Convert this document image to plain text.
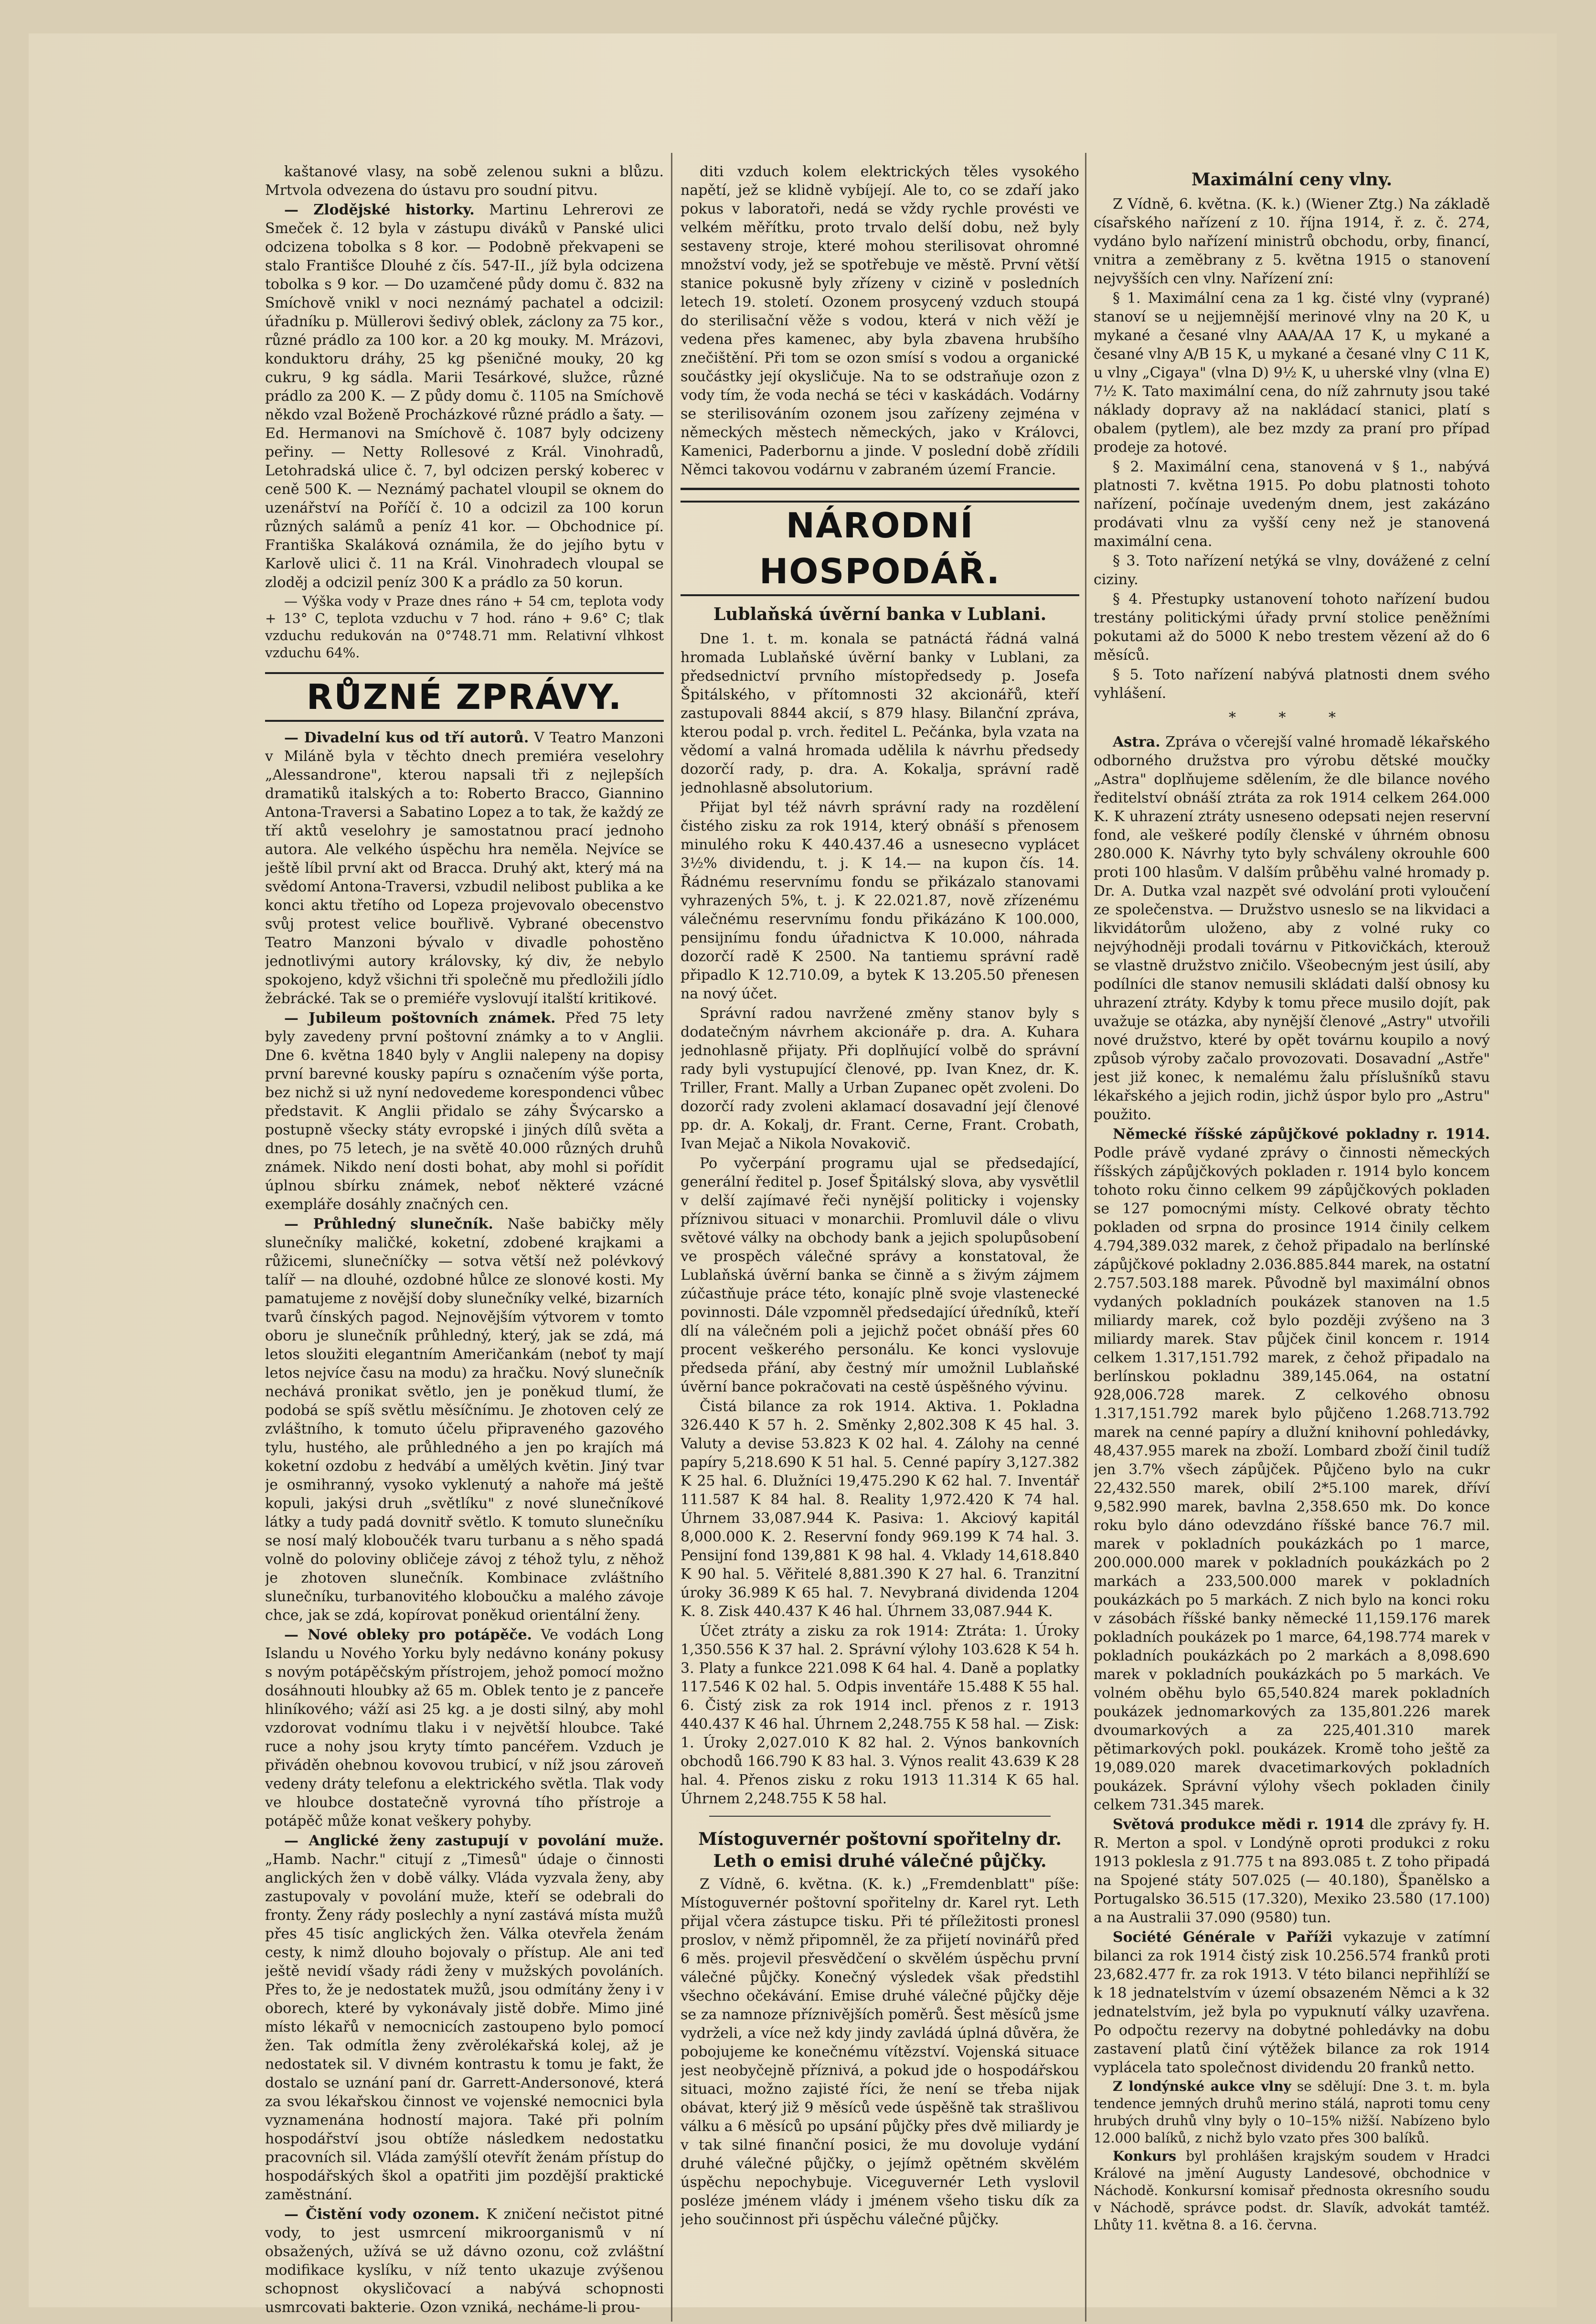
kaštanové vlasy, na sobě zelenou sukni a blůzu. Mrtvola odvezena do ústavu pro soudní pitvu.

— Zlodějské historky. Martinu Lehrerovi ze Smeček č. 12 byla v zástupu diváků v Panské ulici odcizena tobolka s 8 kor. — Podobně překvapeni se stalo Františce Dlouhé z čís. 547-II., jíž byla odcizena tobolka s 9 kor. — Do uzamčené půdy domu č. 832 na Smíchově vnikl v noci neznámý pachatel a odcizil: úřadníku p. Müllerovi šedivý oblek, záclony za 75 kor., různé prádlo za 100 kor. a 20 kg mouky. M. Mrázovi, konduktoru dráhy, 25 kg pšeničné mouky, 20 kg cukru, 9 kg sádla. Marii Tesárkové, služce, různé prádlo za 200 K. — Z půdy domu č. 1105 na Smíchově někdo vzal Boženě Procházkové různé prádlo a šaty. — Ed. Hermanovi na Smíchově č. 1087 byly odcizeny peřiny. — Netty Rollesové z Král. Vinohradů, Letohradská ulice č. 7, byl odcizen perský koberec v ceně 500 K. — Neznámý pachatel vloupil se oknem do uzenářství na Poříčí č. 10 a odcizil za 100 korun různých salámů a peníz 41 kor. — Obchodnice pí. Františka Skaláková oznámila, že do jejího bytu v Karlově ulici č. 11 na Král. Vinohradech vloupal se zloděj a odcizil peníz 300 K a prádlo za 50 korun.

— Výška vody v Praze dnes ráno + 54 cm, teplota vody + 13° C, teplota vzduchu v 7 hod. ráno + 9.6° C; tlak vzduchu redukován na 0°748.71 mm. Relativní vlhkost vzduchu 64%.

RŮZNÉ ZPRÁVY.

— Divadelní kus od tří autorů. V Teatro Manzoni v Miláně byla v těchto dnech premiéra veselohry „Alessandrone", kterou napsali tři z nejlepších dramatiků italských a to: Roberto Bracco, Giannino Antona-Traversi a Sabatino Lopez a to tak, že každý ze tří aktů veselohry je samostatnou prací jednoho autora. Ale velkého úspěchu hra neměla. Nejvíce se ještě líbil první akt od Bracca. Druhý akt, který má na svědomí Antona-Traversi, vzbudil nelibost publika a ke konci aktu třetího od Lopeza projevovalo obecenstvo svůj protest velice bouřlivě. Vybrané obecenstvo Teatro Manzoni bývalo v divadle pohostěno jednotlivými autory královsky, ký div, že nebylo spokojeno, když všichni tři společně mu předložili jídlo žebrácké. Tak se o premiéře vyslovují italští kritikové.

— Jubileum poštovních známek. Před 75 lety byly zavedeny první poštovní známky a to v Anglii. Dne 6. května 1840 byly v Anglii nalepeny na dopisy první barevné kousky papíru s označením výše porta, bez nichž si už nyní nedovedeme korespondenci vůbec představit. K Anglii přidalo se záhy Švýcarsko a postupně všecky státy evropské i jiných dílů světa a dnes, po 75 letech, je na světě 40.000 různých druhů známek. Nikdo není dosti bohat, aby mohl si pořídit úplnou sbírku známek, neboť některé vzácné exempláře dosáhly značných cen.

— Průhledný slunečník. Naše babičky měly slunečníky maličké, koketní, zdobené krajkami a růžicemi, slunečníčky — sotva větší než polévkový talíř — na dlouhé, ozdobné hůlce ze slonové kosti. My pamatujeme z novější doby slunečníky velké, bizarních tvarů čínských pagod. Nejnovějším výtvorem v tomto oboru je slunečník průhledný, který, jak se zdá, má letos sloužiti elegantním Američankám (neboť ty mají letos nejvíce času na modu) za hračku. Nový slunečník nechává pronikat světlo, jen je poněkud tlumí, že podobá se spíš světlu měsíčnímu. Je zhotoven celý ze zvláštního, k tomuto účelu připraveného gazového tylu, hustého, ale průhledného a jen po krajích má koketní ozdobu z hedvábí a umělých květin. Jiný tvar je osmihranný, vysoko vyklenutý a nahoře má ještě kopuli, jakýsi druh „světlíku" z nové slunečníkové látky a tudy padá dovnitř světlo. K tomuto slunečníku se nosí malý kloboučék tvaru turbanu a s něho spadá volně do poloviny obličeje závoj z téhož tylu, z něhož je zhotoven slunečník. Kombinace zvláštního slunečníku, turbanovitého kloboučku a malého závoje chce, jak se zdá, kopírovat poněkud orientální ženy.

— Nové obleky pro potápěče. Ve vodách Long Islandu u Nového Yorku byly nedávno konány pokusy s novým potápěčským přístrojem, jehož pomocí možno dosáhnouti hloubky až 65 m. Oblek tento je z panceře hliníkového; váží asi 25 kg. a je dosti silný, aby mohl vzdorovat vodnímu tlaku i v největší hloubce. Také ruce a nohy jsou kryty tímto pancéřem. Vzduch je přiváděn ohebnou kovovou trubicí, v níž jsou zároveň vedeny dráty telefonu a elektrického světla. Tlak vody ve hloubce dostatečně vyrovná tího přístroje a potápěč může konat veškery pohyby.

— Anglické ženy zastupují v povolání muže. „Hamb. Nachr." citují z „Timesů" údaje o činnosti anglických žen v době války. Vláda vyzvala ženy, aby zastupovaly v povolání muže, kteří se odebrali do fronty. Ženy rády poslechly a nyní zastává místa mužů přes 45 tisíc anglických žen. Válka otevřela ženám cesty, k nimž dlouho bojovaly o přístup. Ale ani teď ještě nevidí všady rádi ženy v mužských povoláních. Přes to, že je nedostatek mužů, jsou odmítány ženy i v oborech, které by vykonávaly jistě dobře. Mimo jiné místo lékařů v nemocnicích zastoupeno bylo pomocí žen. Tak odmítla ženy zvěrolékařská kolej, až je nedostatek sil. V divném kontrastu k tomu je fakt, že dostalo se uznání paní dr. Garrett-Andersonové, která za svou lékařskou činnost ve vojenské nemocnici byla vyznamenána hodností majora. Také při polním hospodářství jsou obtíže následkem nedostatku pracovních sil. Vláda zamýšlí otevřít ženám přístup do hospodářských škol a opatřiti jim pozdější praktické zaměstnání.

— Čistění vody ozonem. K zničení nečistot pitné vody, to jest usmrcení mikroorganismů v ní obsažených, užívá se už dávno ozonu, což zvláštní modifikace kyslíku, v níž tento ukazuje zvýšenou schopnost okysličovací a nabývá schopnosti usmrcovati bakterie. Ozon vzniká, necháme-li prou-

diti vzduch kolem elektrických těles vysokého napětí, jež se klidně vybíjejí. Ale to, co se zdaří jako pokus v laboratoři, nedá se vždy rychle provésti ve velkém měřítku, proto trvalo delší dobu, než byly sestaveny stroje, které mohou sterilisovat ohromné množství vody, jež se spotřebuje ve městě. První větší stanice pokusně byly zřízeny v cizině v posledních letech 19. století. Ozonem prosycený vzduch stoupá do sterilisační věže s vodou, která v nich věží je vedena přes kamenec, aby byla zbavena hrubšího znečištění. Při tom se ozon smísí s vodou a organické součástky její okysličuje. Na to se odstraňuje ozon z vody tím, že voda nechá se téci v kaskádách. Vodárny se sterilisováním ozonem jsou zařízeny zejména v německých městech německých, jako v Královci, Kamenici, Paderbornu a jinde. V poslední době zřídili Němci takovou vodárnu v zabraném území Francie.

NÁRODNÍ HOSPODÁŘ.
Lublaňská úvěrní banka v Lublani.

Dne 1. t. m. konala se patnáctá řádná valná hromada Lublaňské úvěrní banky v Lublani, za předsednictví prvního místopředsedy p. Josefa Špitálského, v přítomnosti 32 akcionářů, kteří zastupovali 8844 akcií, s 879 hlasy. Bilanční zpráva, kterou podal p. vrch. ředitel L. Pečánka, byla vzata na vědomí a valná hromada udělila k návrhu předsedy dozorčí rady, p. dra. A. Kokalja, správní radě jednohlasně absolutorium.

Přijat byl též návrh správní rady na rozdělení čistého zisku za rok 1914, který obnáší s přenosem minulého roku K 440.437.46 a usnesecno vyplácet 3½% dividendu, t. j. K 14.— na kupon čís. 14. Řádnému reservnímu fondu se přikázalo stanovami vyhrazených 5%, t. j. K 22.021.87, nově zřízenému válečnému reservnímu fondu přikázáno K 100.000, pensijnímu fondu úřadnictva K 10.000, náhrada dozorčí radě K 2500. Na tantiemu správní radě připadlo K 12.710.09, a bytek K 13.205.50 přenesen na nový účet.

Správní radou navržené změny stanov byly s dodatečným návrhem akcionáře p. dra. A. Kuhara jednohlasně přijaty. Při doplňující volbě do správní rady byli vystupující členové, pp. Ivan Knez, dr. K. Triller, Frant. Mally a Urban Zupanec opět zvoleni. Do dozorčí rady zvoleni aklamací dosavadní její členové pp. dr. A. Kokalj, dr. Frant. Cerne, Frant. Crobath, Ivan Mejač a Nikola Novakovič.

Po vyčerpání programu ujal se předsedající, generální ředitel p. Josef Špitálský slova, aby vysvětlil v delší zajímavé řeči nynější politicky i vojensky příznivou situaci v monarchii. Promluvil dále o vlivu světové války na obchody bank a jejich spolupůsobení ve prospěch válečné správy a konstatoval, že Lublaňská úvěrní banka se činně a s živým zájmem zúčastňuje práce této, konajíc plně svoje vlastenecké povinnosti. Dále vzpomněl předsedající úředníků, kteří dlí na válečném poli a jejichž počet obnáší přes 60 procent veškerého personálu. Ke konci vyslovuje předseda přání, aby čestný mír umožnil Lublaňské úvěrní bance pokračovati na cestě úspěšného vývinu.

Čistá bilance za rok 1914. Aktiva. 1. Pokladna 326.440 K 57 h. 2. Směnky 2,802.308 K 45 hal. 3. Valuty a devise 53.823 K 02 hal. 4. Zálohy na cenné papíry 5,218.690 K 51 hal. 5. Cenné papíry 3,127.382 K 25 hal. 6. Dlužníci 19,475.290 K 62 hal. 7. Inventář 111.587 K 84 hal. 8. Reality 1,972.420 K 74 hal. Úhrnem 33,087.944 K. Pasiva: 1. Akciový kapitál 8,000.000 K. 2. Reservní fondy 969.199 K 74 hal. 3. Pensijní fond 139,881 K 98 hal. 4. Vklady 14,618.840 K 90 hal. 5. Věřitelé 8,881.390 K 27 hal. 6. Tranzitní úroky 36.989 K 65 hal. 7. Nevybraná dividenda 1204 K. 8. Zisk 440.437 K 46 hal. Úhrnem 33,087.944 K.

Účet ztráty a zisku za rok 1914: Ztráta: 1. Úroky 1,350.556 K 37 hal. 2. Správní výlohy 103.628 K 54 h. 3. Platy a funkce 221.098 K 64 hal. 4. Daně a poplatky 117.546 K 02 hal. 5. Odpis inventáře 15.488 K 55 hal. 6. Čistý zisk za rok 1914 incl. přenos z r. 1913 440.437 K 46 hal. Úhrnem 2,248.755 K 58 hal. — Zisk: 1. Úroky 2,027.010 K 82 hal. 2. Výnos bankovních obchodů 166.790 K 83 hal. 3. Výnos realit 43.639 K 28 hal. 4. Přenos zisku z roku 1913 11.314 K 65 hal. Úhrnem 2,248.755 K 58 hal.

Místoguvernér poštovní spořitelny dr. Leth o emisi druhé válečné půjčky.

Z Vídně, 6. května. (K. k.) „Fremdenblatt" píše: Místoguvernér poštovní spořitelny dr. Karel ryt. Leth přijal včera zástupce tisku. Při té příležitosti pronesl proslov, v němž připomněl, že za přijetí novinářů před 6 měs. projevil přesvědčení o skvělém úspěchu první válečné půjčky. Konečný výsledek však předstihl všechno očekávání. Emise druhé válečné půjčky děje se za namnoze příznivějších poměrů. Šest měsíců jsme vydrželi, a více než kdy jindy zavládá úplná důvěra, že pobojujeme ke konečnému vítězství. Vojenská situace jest neobyčejně příznivá, a pokud jde o hospodářskou situaci, možno zajisté říci, že není se třeba nijak obávat, který již 9 měsíců vede úspěšně tak strašlivou válku a 6 měsíců po upsání půjčky přes dvě miliardy je v tak silné finanční posici, že mu dovoluje vydání druhé válečné půjčky, o jejímž opětném skvělém úspěchu nepochybuje. Viceguvernér Leth vyslovil posléze jménem vlády i jménem všeho tisku dík za jeho součinnost při úspěchu válečné půjčky.

Maximální ceny vlny.

Z Vídně, 6. května. (K. k.) (Wiener Ztg.) Na základě císařského nařízení z 10. října 1914, ř. z. č. 274, vydáno bylo nařízení ministrů obchodu, orby, financí, vnitra a zeměbrany z 5. května 1915 o stanovení nejvyšších cen vlny. Nařízení zní:

§ 1. Maximální cena za 1 kg. čisté vlny (vyprané) stanoví se u nejjemnější merinové vlny na 20 K, u mykané a česané vlny AAA/AA 17 K, u mykané a česané vlny A/B 15 K, u mykané a česané vlny C 11 K, u vlny „Cigaya" (vlna D) 9½ K, u uherské vlny (vlna E) 7½ K. Tato maximální cena, do níž zahrnuty jsou také náklady dopravy až na nakládací stanici, platí s obalem (pytlem), ale bez mzdy za praní pro případ prodeje za hotové.

§ 2. Maximální cena, stanovená v § 1., nabývá platnosti 7. května 1915. Po dobu platnosti tohoto nařízení, počínaje uvedeným dnem, jest zakázáno prodávati vlnu za vyšší ceny než je stanovená maximální cena.

§ 3. Toto nařízení netýká se vlny, dovážené z celní ciziny.

§ 4. Přestupky ustanovení tohoto nařízení budou trestány politickými úřady první stolice peněžními pokutami až do 5000 K nebo trestem vězení až do 6 měsíců.

§ 5. Toto nařízení nabývá platnosti dnem svého vyhlášení.

* * *

Astra. Zpráva o včerejší valné hromadě lékařského odborného družstva pro výrobu dětské moučky „Astra" doplňujeme sdělením, že dle bilance nového ředitelství obnáší ztráta za rok 1914 celkem 264.000 K. K uhrazení ztráty usneseno odepsati nejen reservní fond, ale veškeré podíly členské v úhrném obnosu 280.000 K. Návrhy tyto byly schváleny okrouhle 600 proti 100 hlasům. V dalším průběhu valné hromady p. Dr. A. Dutka vzal nazpět své odvolání proti vyloučení ze společenstva. — Družstvo usneslo se na likvidaci a likvidátorům uloženo, aby z volné ruky co nejvýhodněji prodali továrnu v Pitkovičkách, kterouž se vlastně družstvo zničilo. Všeobecným jest úsilí, aby podílníci dle stanov nemusili skládati další obnosy ku uhrazení ztráty. Kdyby k tomu přece musilo dojít, pak uvažuje se otázka, aby nynější členové „Astry" utvořili nové družstvo, které by opět továrnu koupilo a nový způsob výroby začalo provozovati. Dosavadní „Astře" jest již konec, k nemalému žalu příslušníků stavu lékařského a jejich rodin, jichž úspor bylo pro „Astru" použito.

Německé říšské zápůjčkové pokladny r. 1914. Podle právě vydané zprávy o činnosti německých říšských zápůjčkových pokladen r. 1914 bylo koncem tohoto roku činno celkem 99 zápůjčkových pokladen se 127 pomocnými místy. Celkové obraty těchto pokladen od srpna do prosince 1914 činily celkem 4.794,389.032 marek, z čehož připadalo na berlínské zápůjčkové pokladny 2.036.885.844 marek, na ostatní 2.757.503.188 marek. Původně byl maximální obnos vydaných pokladních poukázek stanoven na 1.5 miliardy marek, což bylo později zvýšeno na 3 miliardy marek. Stav půjček činil koncem r. 1914 celkem 1.317,151.792 marek, z čehož připadalo na berlínskou pokladnu 389,145.064, na ostatní 928,006.728 marek. Z celkového obnosu 1.317,151.792 marek bylo půjčeno 1.268.713.792 marek na cenné papíry a dlužní knihovní pohledávky, 48,437.955 marek na zboží. Lombard zboží činil tudíž jen 3.7% všech zápůjček. Půjčeno bylo na cukr 22,432.550 marek, obilí 2*5.100 marek, dříví 9,582.990 marek, bavlna 2,358.650 mk. Do konce roku bylo dáno odevzdáno říšské bance 76.7 mil. marek v pokladních poukázkách po 1 marce, 200.000.000 marek v pokladních poukázkách po 2 markách a 233,500.000 marek v pokladních poukázkách po 5 markách. Z nich bylo na konci roku v zásobách říšské banky německé 11,159.176 marek pokladních poukázek po 1 marce, 64,198.774 marek v pokladních poukázkách po 2 markách a 8,098.690 marek v pokladních poukázkách po 5 markách. Ve volném oběhu bylo 65,540.824 marek pokladních poukázek jednomarkových za 135,801.226 marek dvoumarkových a za 225,401.310 marek pětimarkových pokl. poukázek. Kromě toho ještě za 19,089.020 marek dvacetimarkových pokladních poukázek. Správní výlohy všech pokladen činily celkem 731.345 marek.

Světová produkce mědi r. 1914 dle zprávy fy. H. R. Merton a spol. v Londýně oproti produkci z roku 1913 poklesla z 91.775 t na 893.085 t. Z toho připadá na Spojené státy 507.025 (— 40.180), Španělsko a Portugalsko 36.515 (17.320), Mexiko 23.580 (17.100) a na Australii 37.090 (9580) tun.

Société Générale v Paříži vykazuje v zatímní bilanci za rok 1914 čistý zisk 10.256.574 franků proti 23,682.477 fr. za rok 1913. V této bilanci nepřihlíží se k 18 jednatelstvím v území obsazeném Němci a k 32 jednatelstvím, jež byla po vypuknutí války uzavřena. Po odpočtu rezervy na dobytné pohledávky na dobu zastavení platů činí výtěžek bilance za rok 1914 vyplácela tato společnost dividendu 20 franků netto.

Z londýnské aukce vlny se sdělují: Dne 3. t. m. byla tendence jemných druhů merino stálá, naproti tomu ceny hrubých druhů vlny byly o 10–15% nižší. Nabízeno bylo 12.000 balíků, z nichž bylo vzato přes 300 balíků.

Konkurs byl prohlášen krajským soudem v Hradci Králové na jmění Augusty Landesové, obchodnice v Náchodě. Konkursní komisař přednosta okresního soudu v Náchodě, správce podst. dr. Slavík, advokát tamtéž. Lhůty 11. května 8. a 16. června.
